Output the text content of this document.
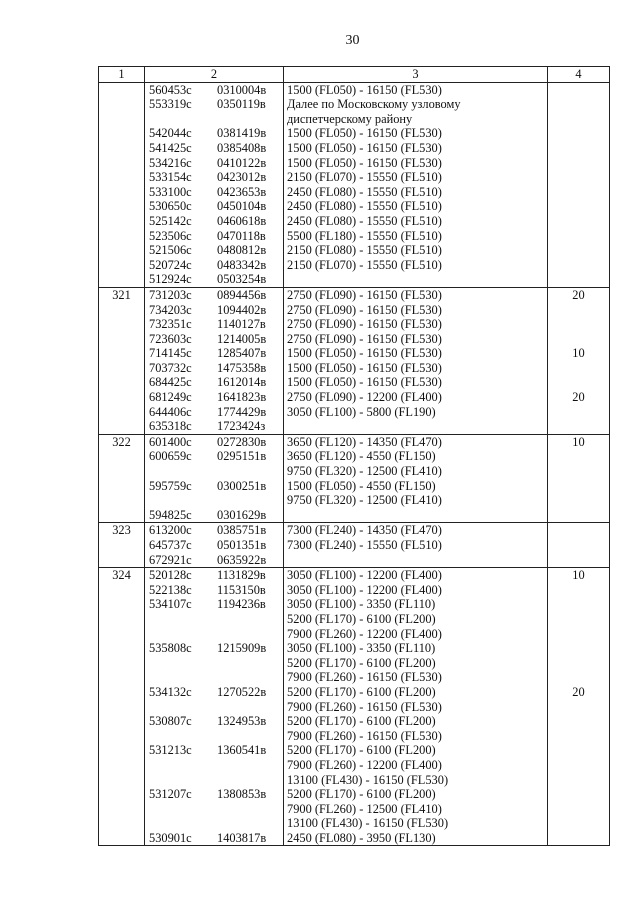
30
1	2	3	4
	560453с 0310004в	1500 (FL050) - 16150 (FL530)	
	553319с 0350119в	Далее по Московскому узловому	
		диспетчерскому району	
	542044с 0381419в	1500 (FL050) - 16150 (FL530)	
	541425с 0385408в	1500 (FL050) - 16150 (FL530)	
	534216с 0410122в	1500 (FL050) - 16150 (FL530)	
	533154с 0423012в	2150 (FL070) - 15550 (FL510)	
	533100с 0423653в	2450 (FL080) - 15550 (FL510)	
	530650с 0450104в	2450 (FL080) - 15550 (FL510)	
	525142с 0460618в	2450 (FL080) - 15550 (FL510)	
	523506с 0470118в	5500 (FL180) - 15550 (FL510)	
	521506с 0480812в	2150 (FL080) - 15550 (FL510)	
	520724с 0483342в	2150 (FL070) - 15550 (FL510)	
	512924с 0503254в		
321	731203с 0894456в	2750 (FL090) - 16150 (FL530)	20
	734203с 1094402в	2750 (FL090) - 16150 (FL530)	
	732351с 1140127в	2750 (FL090) - 16150 (FL530)	
	723603с 1214005в	2750 (FL090) - 16150 (FL530)	
	714145с 1285407в	1500 (FL050) - 16150 (FL530)	10
	703732с 1475358в	1500 (FL050) - 16150 (FL530)	
	684425с 1612014в	1500 (FL050) - 16150 (FL530)	
	681249с 1641823в	2750 (FL090) - 12200 (FL400)	20
	644406с 1774429в	3050 (FL100) - 5800 (FL190)	
	635318с 1723424з		
322	601400с 0272830в	3650 (FL120) - 14350 (FL470)	10
	600659с 0295151в	3650 (FL120) - 4550 (FL150)	
		9750 (FL320) - 12500 (FL410)	
	595759с 0300251в	1500 (FL050) - 4550 (FL150)	
		9750 (FL320) - 12500 (FL410)	
	594825с 0301629в		
323	613200с 0385751в	7300 (FL240) - 14350 (FL470)	
	645737с 0501351в	7300 (FL240) - 15550 (FL510)	
	672921с 0635922в		
324	520128с 1131829в	3050 (FL100) - 12200 (FL400)	10
	522138с 1153150в	3050 (FL100) - 12200 (FL400)	
	534107с 1194236в	3050 (FL100) - 3350 (FL110)	
		5200 (FL170) - 6100 (FL200)	
		7900 (FL260) - 12200 (FL400)	
	535808с 1215909в	3050 (FL100) - 3350 (FL110)	
		5200 (FL170) - 6100 (FL200)	
		7900 (FL260) - 16150 (FL530)	
	534132с 1270522в	5200 (FL170) - 6100 (FL200)	20
		7900 (FL260) - 16150 (FL530)	
	530807с 1324953в	5200 (FL170) - 6100 (FL200)	
		7900 (FL260) - 16150 (FL530)	
	531213с 1360541в	5200 (FL170) - 6100 (FL200)	
		7900 (FL260) - 12200 (FL400)	
		13100 (FL430) - 16150 (FL530)	
	531207с 1380853в	5200 (FL170) - 6100 (FL200)	
		7900 (FL260) - 12500 (FL410)	
		13100 (FL430) - 16150 (FL530)	
	530901с 1403817в	2450 (FL080) - 3950 (FL130)	
